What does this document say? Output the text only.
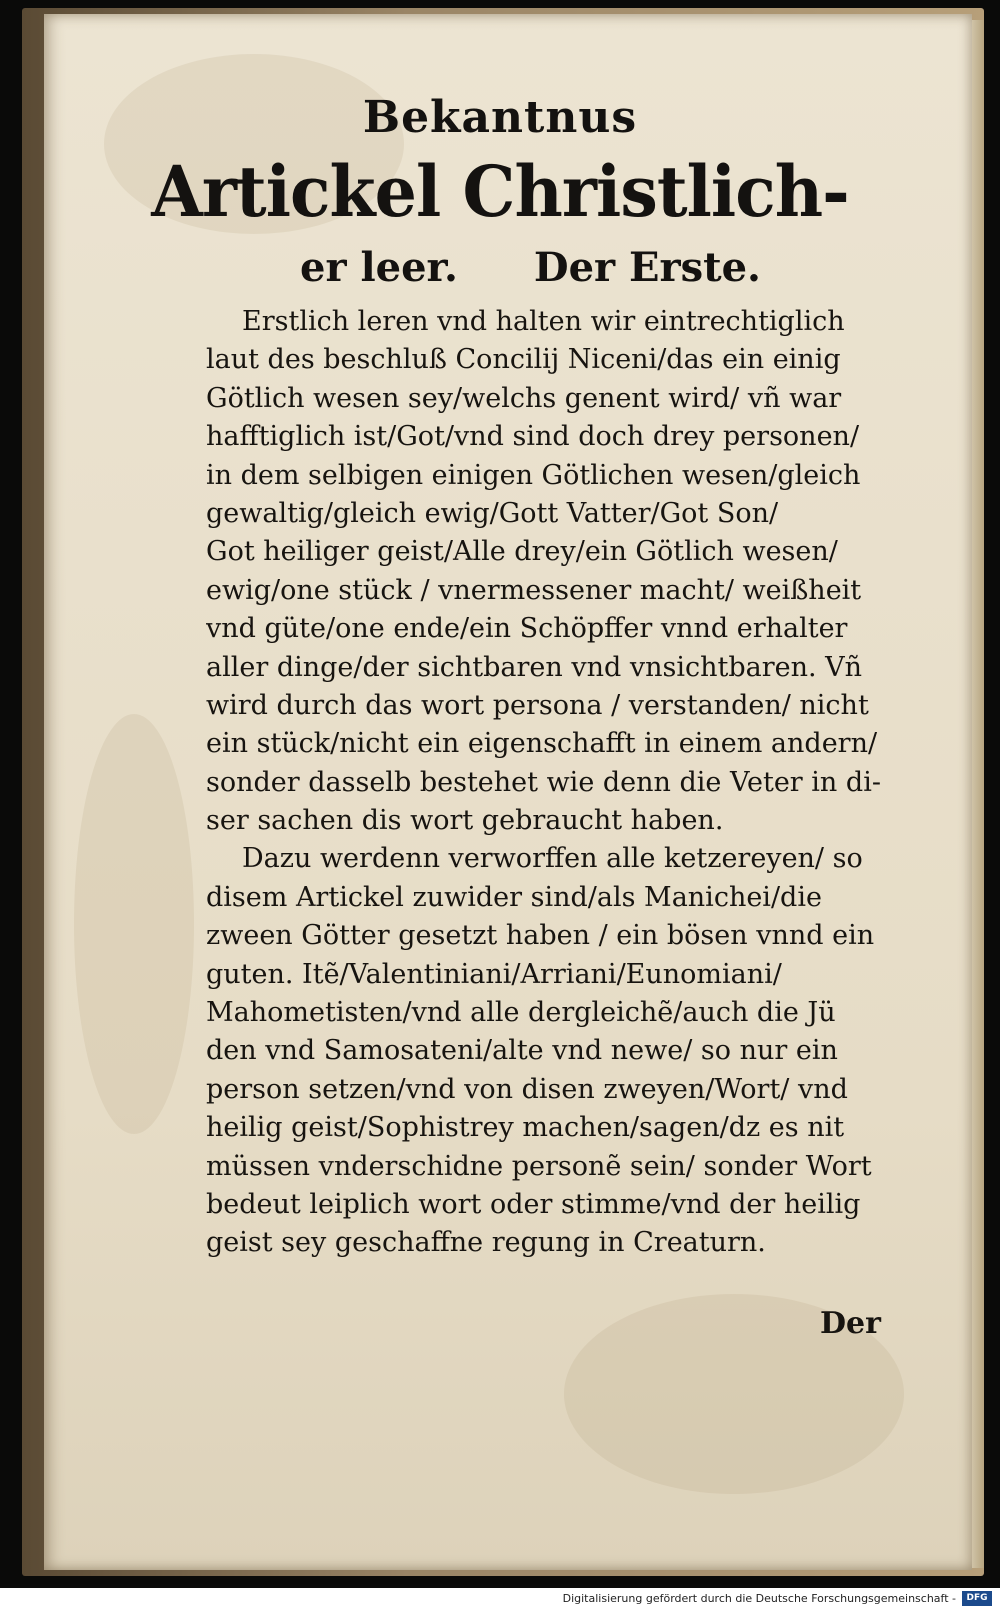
Bekantnus
Artickel Christlich-
er leer. Der Erste.
Erstlich leren vnd halten wir eintrechtiglich
laut des beschluß Concilij Niceni/das ein einig
Götlich wesen sey/welchs genent wird/ vñ war
hafftiglich ist/Got/vnd sind doch drey personen/
in dem selbigen einigen Götlichen wesen/gleich
gewaltig/gleich ewig/Gott Vatter/Got Son/
Got heiliger geist/Alle drey/ein Götlich wesen/
ewig/one stück / vnermessener macht/ weißheit
vnd güte/one ende/ein Schöpffer vnnd erhalter
aller dinge/der sichtbaren vnd vnsichtbaren. Vñ
wird durch das wort persona / verstanden/ nicht
ein stück/nicht ein eigenschafft in einem andern/
sonder dasselb bestehet wie denn die Veter in di-
ser sachen dis wort gebraucht haben.
Dazu werdenn verworffen alle ketzereyen/ so
disem Artickel zuwider sind/als Manichei/die
zween Götter gesetzt haben / ein bösen vnnd ein
guten. Itẽ/Valentiniani/Arriani/Eunomiani/
Mahometisten/vnd alle dergleichẽ/auch die Jü
den vnd Samosateni/alte vnd newe/ so nur ein
person setzen/vnd von disen zweyen/Wort/ vnd
heilig geist/Sophistrey machen/sagen/dz es nit
müssen vnderschidne personẽ sein/ sonder Wort
bedeut leiplich wort oder stimme/vnd der heilig
geist sey geschaffne regung in Creaturn.
Der
Digitalisierung gefördert durch die Deutsche Forschungsgemeinschaft -	DFG
